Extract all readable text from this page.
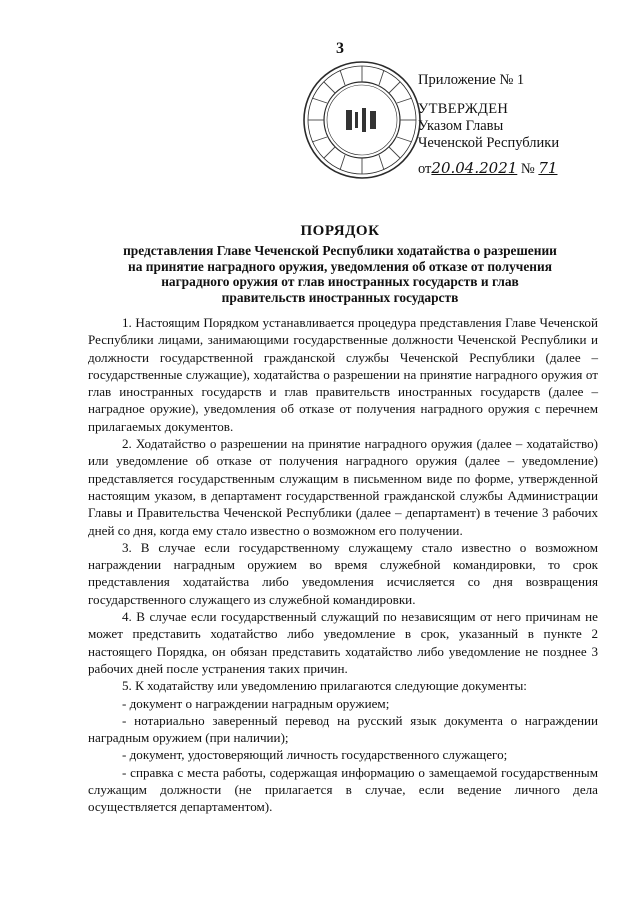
3
Приложение № 1
УТВЕРЖДЕН
Указом Главы
Чеченской Республики
от20.04.2021 № 71
ПОРЯДОК
представления Главе Чеченской Республики ходатайства о разрешении
на принятие наградного оружия, уведомления об отказе от получения
наградного оружия от глав иностранных государств и глав
правительств иностранных государств

1. Настоящим Порядком устанавливается процедура представления Главе Чеченской Республики лицами, занимающими государственные должности Чеченской Республики и должности государственной гражданской службы Чеченской Республики (далее – государственные служащие), ходатайства о разрешении на принятие наградного оружия от глав иностранных государств и глав правительств иностранных государств (далее – наградное оружие), уведомления об отказе от получения наградного оружия с перечнем прилагаемых документов.

2. Ходатайство о разрешении на принятие наградного оружия (далее – ходатайство) или уведомление об отказе от получения наградного оружия (далее – уведомление) представляется государственным служащим в письменном виде по форме, утвержденной настоящим указом, в департамент государственной гражданской службы Администрации Главы и Правительства Чеченской Республики (далее – департамент) в течение 3 рабочих дней со дня, когда ему стало известно о возможном его получении.

3. В случае если государственному служащему стало известно о возможном награждении наградным оружием во время служебной командировки, то срок представления ходатайства либо уведомления исчисляется со дня возвращения государственного служащего из служебной командировки.

4. В случае если государственный служащий по независящим от него причинам не может представить ходатайство либо уведомление в срок, указанный в пункте 2 настоящего Порядка, он обязан представить ходатайство либо уведомление не позднее 3 рабочих дней после устранения таких причин.

5. К ходатайству или уведомлению прилагаются следующие документы:

- документ о награждении наградным оружием;

- нотариально заверенный перевод на русский язык документа о награждении наградным оружием (при наличии);

- документ, удостоверяющий личность государственного служащего;

- справка с места работы, содержащая информацию о замещаемой государственным служащим должности (не прилагается в случае, если ведение личного дела осуществляется департаментом).
